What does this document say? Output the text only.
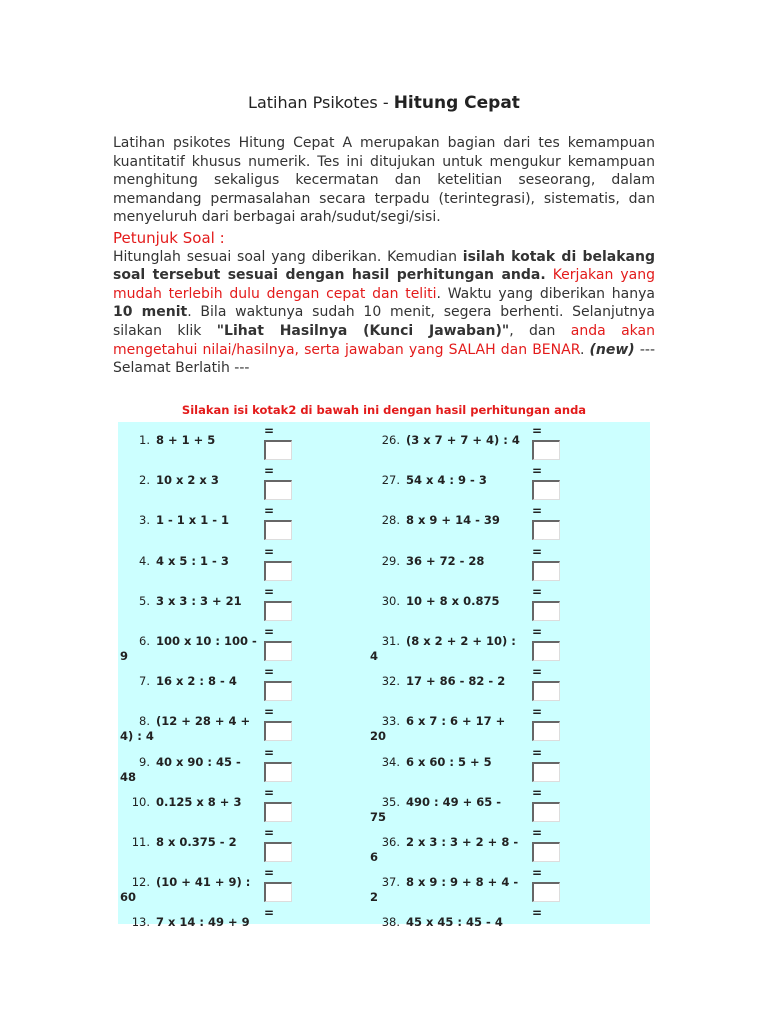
Latihan Psikotes - Hitung Cepat
Latihan psikotes Hitung Cepat A merupakan bagian dari tes kemampuan kuantitatif khusus numerik. Tes ini ditujukan untuk mengukur kemampuan menghitung sekaligus kecermatan dan ketelitian seseorang, dalam memandang permasalahan secara terpadu (terintegrasi), sistematis, dan menyeluruh dari berbagai arah/sudut/segi/sisi.
Petunjuk Soal :
Hitunglah sesuai soal yang diberikan. Kemudian isilah kotak di belakang soal tersebut sesuai dengan hasil perhitungan anda. Kerjakan yang mudah terlebih dulu dengan cepat dan teliti. Waktu yang diberikan hanya 10 menit. Bila waktunya sudah 10 menit, segera berhenti. Selanjutnya silakan klik "Lihat Hasilnya (Kunci Jawaban)", dan anda akan mengetahui nilai/hasilnya, serta jawaban yang SALAH dan BENAR. (new) --- Selamat Berlatih ---
Silakan isi kotak2 di bawah ini dengan hasil perhitungan anda
1. 8 + 1 + 5
=
2. 10 x 2 x 3
=
3. 1 - 1 x 1 - 1
=
4. 4 x 5 : 1 - 3
=
5. 3 x 3 : 3 + 21
=
6. 100 x 10 : 100 - 9
=
7. 16 x 2 : 8 - 4
=
8. (12 + 28 + 4 + 4) : 4
=
9. 40 x 90 : 45 - 48
=
10. 0.125 x 8 + 3
=
11. 8 x 0.375 - 2
=
12. (10 + 41 + 9) : 60
=
13. 7 x 14 : 49 + 9
=
26. (3 x 7 + 7 + 4) : 4
=
27. 54 x 4 : 9 - 3
=
28. 8 x 9 + 14 - 39
=
29. 36 + 72 - 28
=
30. 10 + 8 x 0.875
=
31. (8 x 2 + 2 + 10) : 4
=
32. 17 + 86 - 82 - 2
=
33. 6 x 7 : 6 + 17 + 20
=
34. 6 x 60 : 5 + 5
=
35. 490 : 49 + 65 - 75
=
36. 2 x 3 : 3 + 2 + 8 - 6
=
37. 8 x 9 : 9 + 8 + 4 - 2
=
38. 45 x 45 : 45 - 4
=
